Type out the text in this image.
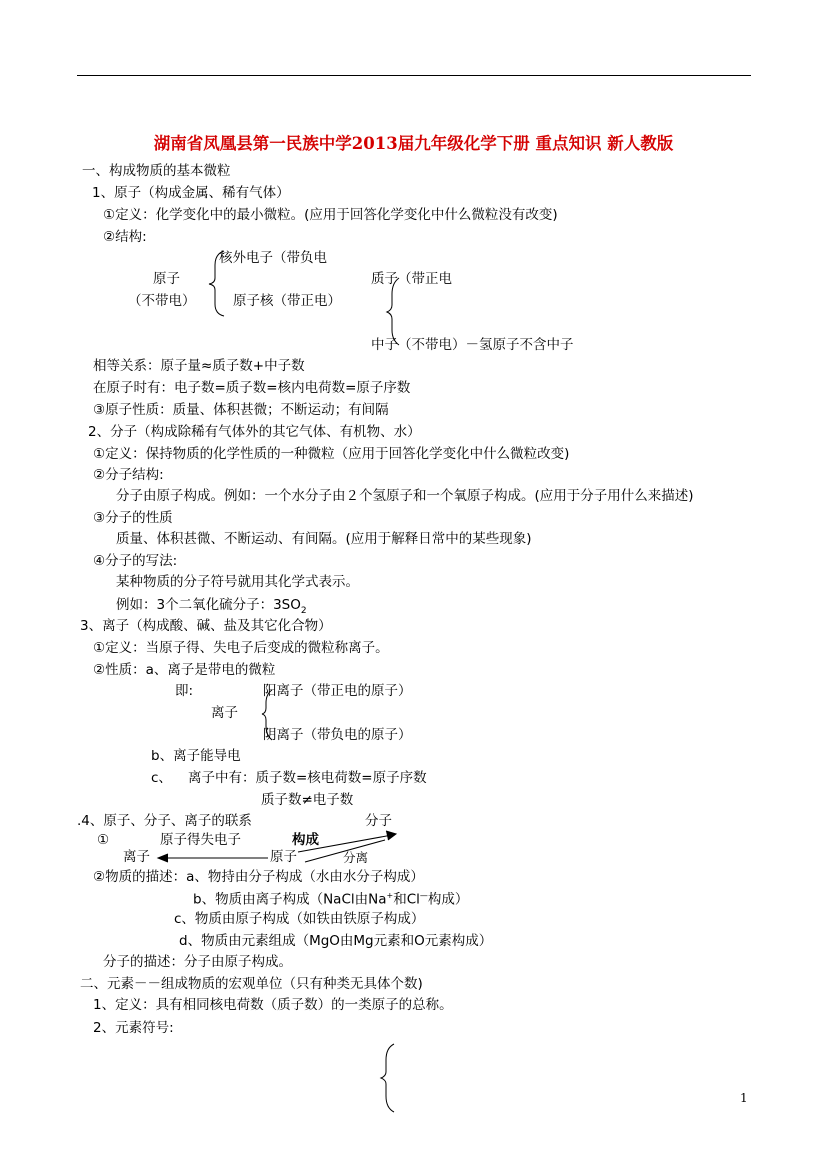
湖南省凤凰县第一民族中学2013届九年级化学下册 重点知识 新人教版
一、构成物质的基本微粒
1、原子（构成金属、稀有气体）
①定义：化学变化中的最小微粒。(应用于回答化学变化中什么微粒没有改变)
②结构:
原子
（不带电）
核外电子（带负电
原子核（带正电）
质子（带正电
中子（不带电）－氢原子不含中子
相等关系：原子量≈质子数+中子数
在原子时有：电子数=质子数=核内电荷数=原子序数
③原子性质：质量、体积甚微；不断运动；有间隔
2、分子（构成除稀有气体外的其它气体、有机物、水）
①定义：保持物质的化学性质的一种微粒（应用于回答化学变化中什么微粒改变)
②分子结构:
分子由原子构成。例如：一个水分子由２个氢原子和一个氧原子构成。(应用于分子用什么来描述)
③分子的性质
质量、体积甚微、不断运动、有间隔。(应用于解释日常中的某些现象)
④分子的写法:
某种物质的分子符号就用其化学式表示。
例如：3个二氧化硫分子：$3SO_2$
3、离子（构成酸、碱、盐及其它化合物）
①定义：当原子得、失电子后变成的微粒称离子。
②性质：a、离子是带电的微粒
即:
离子
阳离子（带正电的原子）
阴离子（带负电的原子）
b、离子能导电
c、 离子中有：质子数=核电荷数=原子序数
质子数≠电子数
.4、原子、分子、离子的联系	分子
①	原子得失电子	构成
离子	原子	分离
②物质的描述：a、物持由分子构成（水由水分子构成）
b、物质由离子构成（NaCl由Na+和Cl—构成）
c、物质由原子构成（如铁由铁原子构成）
d、物质由元素组成（MgO由Mg元素和O元素构成）
分子的描述：分子由原子构成。
二、元素－－组成物质的宏观单位（只有种类无具体个数)
1、定义：具有相同核电荷数（质子数）的一类原子的总称。
2、元素符号:
1
